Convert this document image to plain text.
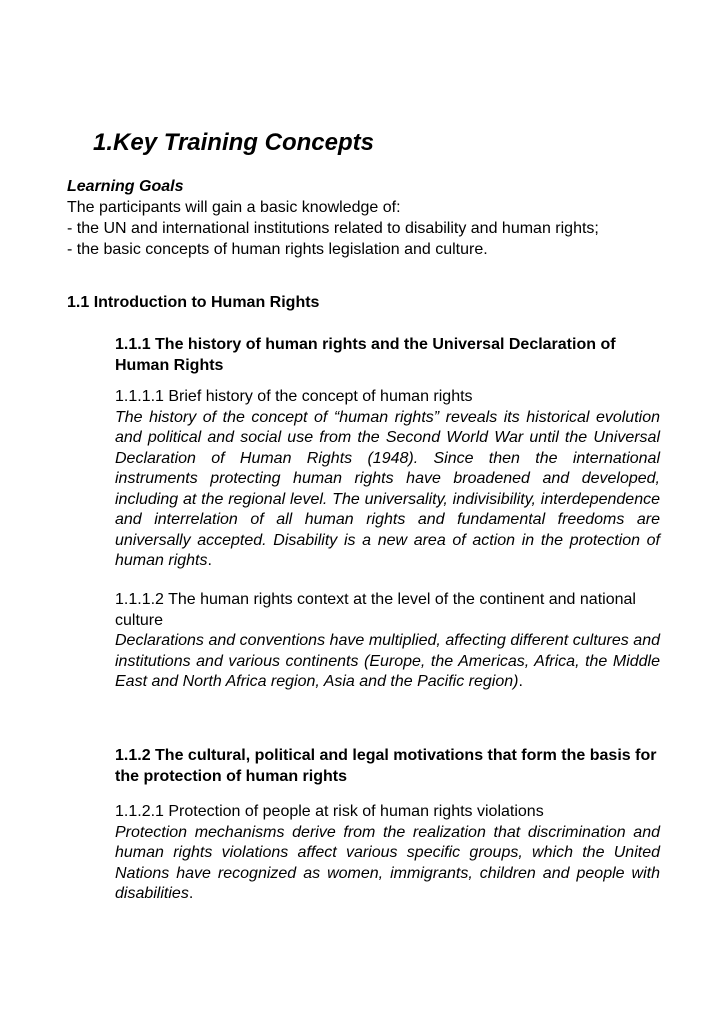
1.Key Training Concepts
Learning Goals
The participants will gain a basic knowledge of:
- the UN and international institutions related to disability and human rights;
- the basic concepts of human rights legislation and culture.
1.1 Introduction to Human Rights
1.1.1 The history of human rights and the Universal Declaration of Human Rights

1.1.1.1 Brief history of the concept of human rights

The history of the concept of “human rights” reveals its historical evolution and political and social use from the Second World War until the Universal Declaration of Human Rights (1948). Since then the international instruments protecting human rights have broadened and developed, including at the regional level. The universality, indivisibility, interdependence and interrelation of all human rights and fundamental freedoms are universally accepted. Disability is a new area of action in the protection of human rights.

1.1.1.2 The human rights context at the level of the continent and national culture

Declarations and conventions have multiplied, affecting different cultures and institutions and various continents (Europe, the Americas, Africa, the Middle East and North Africa region, Asia and the Pacific region).

1.1.2 The cultural, political and legal motivations that form the basis for the protection of human rights

1.1.2.1 Protection of people at risk of human rights violations

Protection mechanisms derive from the realization that discrimination and human rights violations affect various specific groups, which the United Nations have recognized as women, immigrants, children and people with disabilities.
